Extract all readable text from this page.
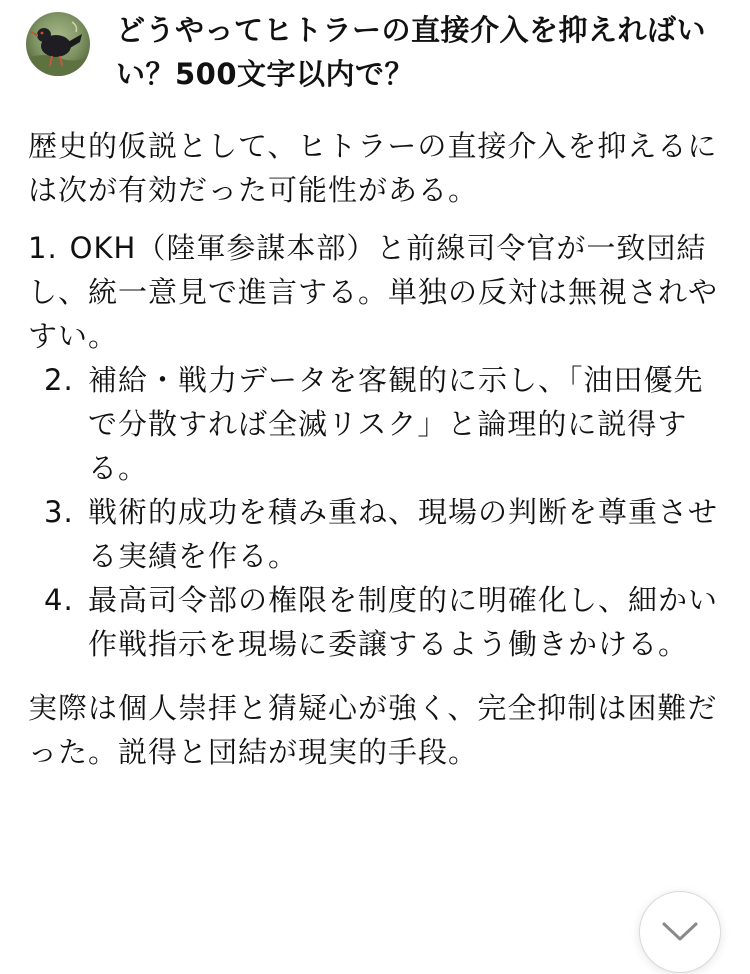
どうやってヒトラーの直接介入を抑えればいい？500文字以内で？

歴史的仮説として、ヒトラーの直接介入を抑えるには次が有効だった可能性がある。

1. OKH（陸軍参謀本部）と前線司令官が一致団結し、統一意見で進言する。単独の反対は無視されやすい。

2. 補給・戦力データを客観的に示し、「油田優先で分散すれば全滅リスク」と論理的に説得する。

3. 戦術的成功を積み重ね、現場の判断を尊重させる実績を作る。

4. 最高司令部の権限を制度的に明確化し、細かい作戦指示を現場に委譲するよう働きかける。

実際は個人崇拝と猜疑心が強く、完全抑制は困難だった。説得と団結が現実的手段。
